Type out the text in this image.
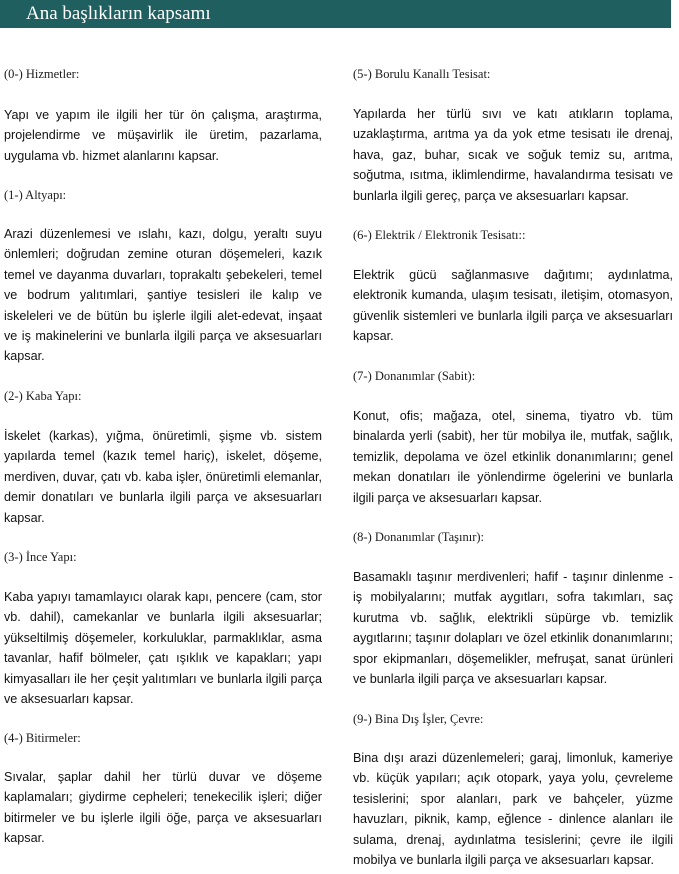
Ana başlıkların kapsamı
(0-) Hizmetler:
Yapı ve yapım ile ilgili her tür ön çalışma, araştırma, projelendirme ve müşavirlik ile üretim, pazarlama, uygulama vb. hizmet alanlarını kapsar.
(1-) Altyapı:
Arazi düzenlemesi ve ıslahı, kazı, dolgu, yeraltı suyu önlemleri; doğrudan zemine oturan döşemeleri, kazık temel ve dayanma duvarları, toprakaltı şebekeleri, temel ve bodrum yalıtımlari, şantiye tesisleri ile kalıp ve iskeleleri ve de bütün bu işlerle ilgili alet-edevat, inşaat ve iş makinelerini ve bunlarla ilgili parça ve aksesuarları kapsar.
(2-) Kaba Yapı:
İskelet (karkas), yığma, önüretimli, şişme vb. sistem yapılarda temel (kazık temel hariç), iskelet, döşeme, merdiven, duvar, çatı vb. kaba işler, önüretimli elemanlar, demir donatıları ve bunlarla ilgili parça ve aksesuarları kapsar.
(3-) İnce Yapı:
Kaba yapıyı tamamlayıcı olarak kapı, pencere (cam, stor vb. dahil), camekanlar ve bunlarla ilgili aksesuarlar; yükseltilmiş döşemeler, korkuluklar, parmaklıklar, asma tavanlar, hafif bölmeler, çatı ışıklık ve kapakları; yapı kimyasalları ile her çeşit yalıtımları ve bunlarla ilgili parça ve aksesuarları kapsar.
(4-) Bitirmeler:
Sıvalar, şaplar dahil her türlü duvar ve döşeme kaplamaları; giydirme cepheleri; tenekecilik işleri; diğer bitirmeler ve bu işlerle ilgili öğe, parça ve aksesuarları kapsar.
(5-) Borulu Kanallı Tesisat:
Yapılarda her türlü sıvı ve katı atıkların toplama, uzaklaştırma, arıtma ya da yok etme tesisatı ile drenaj, hava, gaz, buhar, sıcak ve soğuk temiz su, arıtma, soğutma, ısıtma, iklimlendirme, havalandırma tesisatı ve bunlarla ilgili gereç, parça ve aksesuarları kapsar.
(6-) Elektrik / Elektronik Tesisatı::
Elektrik gücü sağlanmasıve dağıtımı; aydınlatma, elektronik kumanda, ulaşım tesisatı, iletişim, otomasyon, güvenlik sistemleri ve bunlarla ilgili parça ve aksesuarları kapsar.
(7-) Donanımlar (Sabit):
Konut, ofis; mağaza, otel, sinema, tiyatro vb. tüm binalarda yerli (sabit), her tür mobilya ile, mutfak, sağlık, temizlik, depolama ve özel etkinlik donanımlarını; genel mekan donatıları ile yönlendirme ögelerini ve bunlarla ilgili parça ve aksesuarları kapsar.
(8-) Donanımlar (Taşınır):
Basamaklı taşınır merdivenleri; hafif - taşınır dinlenme - iş mobilyalarını; mutfak aygıtları, sofra takımları, saç kurutma vb. sağlık, elektrikli süpürge vb. temizlik aygıtlarını; taşınır dolapları ve özel etkinlik donanımlarını; spor ekipmanları, döşemelikler, mefruşat, sanat ürünleri ve bunlarla ilgili parça ve aksesuarları kapsar.
(9-) Bina Dış İşler, Çevre:
Bina dışı arazi düzenlemeleri; garaj, limonluk, kameriye vb. küçük yapıları; açık otopark, yaya yolu, çevreleme tesislerini; spor alanları, park ve bahçeler, yüzme havuzları, piknik, kamp, eğlence - dinlence alanları ile sulama, drenaj, aydınlatma tesislerini; çevre ile ilgili mobilya ve bunlarla ilgili parça ve aksesuarları kapsar.
